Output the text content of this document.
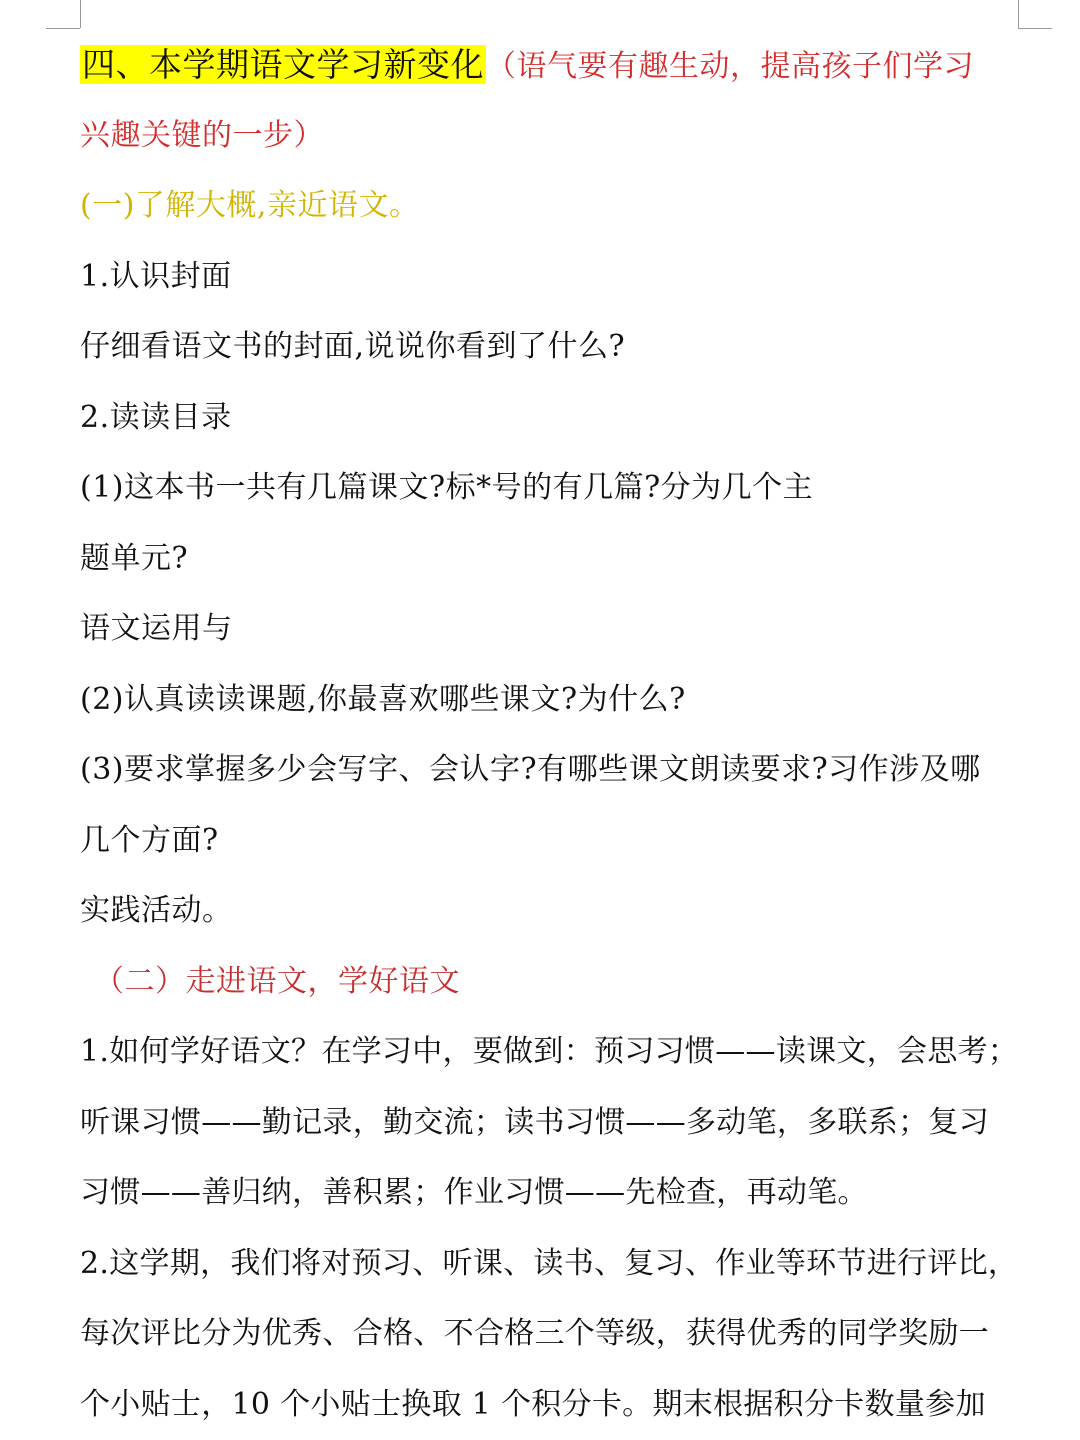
四、本学期语文学习新变化（语气要有趣生动，提高孩子们学习
兴趣关键的一步）
(一)了解大概,亲近语文。
1.认识封面
仔细看语文书的封面,说说你看到了什么?
2.读读目录
(1)这本书一共有几篇课文?标*号的有几篇?分为几个主
题单元?
语文运用与
(2)认真读读课题,你最喜欢哪些课文?为什么?
(3)要求掌握多少会写字、会认字?有哪些课文朗读要求?习作涉及哪
几个方面?
实践活动。
（二）走进语文，学好语文
1.如何学好语文？在学习中，要做到：预习习惯——读课文，会思考；
听课习惯——勤记录，勤交流；读书习惯——多动笔，多联系；复习
习惯——善归纳，善积累；作业习惯——先检查，再动笔。
2.这学期，我们将对预习、听课、读书、复习、作业等环节进行评比，
每次评比分为优秀、合格、不合格三个等级，获得优秀的同学奖励一
个小贴士，10 个小贴士换取 1 个积分卡。期末根据积分卡数量参加
